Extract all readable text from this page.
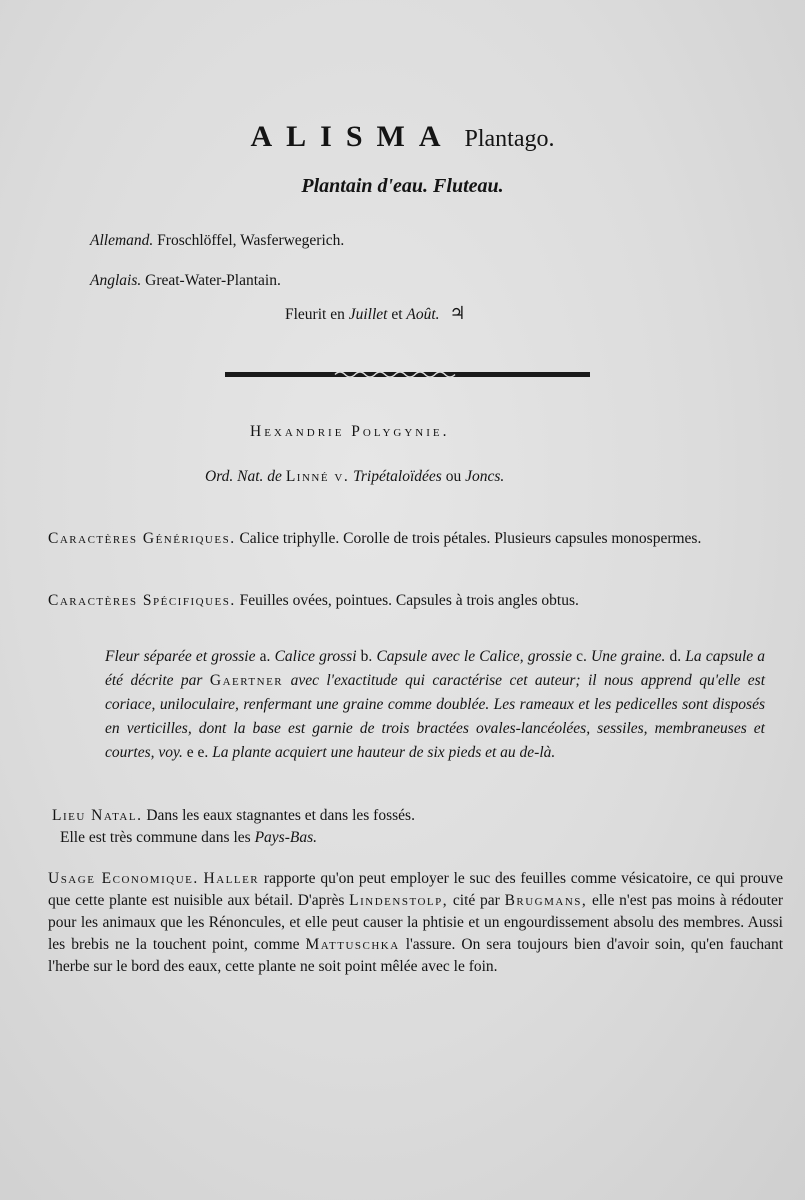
ALISMA Plantago.
Plantain d'eau. Fluteau.
Allemand. Froschlöffel, Wasferwegerich.
Anglais. Great-Water-Plantain.
Fleurit en Juillet et Août. ♃
Hexandrie Polygynie.
Ord. Nat. de Linné v. Tripétaloïdées ou Joncs.
Caractères Génériques. Calice triphylle. Corolle de trois pétales. Plusieurs capsules monospermes.
Caractères Spécifiques. Feuilles ovées, pointues. Capsules à trois angles obtus.
Fleur séparée et grossie a. Calice grossi b. Capsule avec le Calice, grossie c. Une graine. d. La capsule a été décrite par Gaertner avec l'exactitude qui caractérise cet auteur; il nous apprend qu'elle est coriace, uniloculaire, renfermant une graine comme doublée. Les rameaux et les pedicelles sont disposés en verticilles, dont la base est garnie de trois bractées ovales-lancéolées, sessiles, membraneuses et courtes, voy. e e. La plante acquiert une hauteur de six pieds et au de-là.
Lieu Natal. Dans les eaux stagnantes et dans les fossés.
Elle est très commune dans les Pays-Bas.
Usage Economique. Haller rapporte qu'on peut employer le suc des feuilles comme vésicatoire, ce qui prouve que cette plante est nuisible aux bétail. D'après Lindenstolp, cité par Brugmans, elle n'est pas moins à rédouter pour les animaux que les Rénoncules, et elle peut causer la phtisie et un engourdissement absolu des membres. Aussi les brebis ne la touchent point, comme Mattuschka l'assure. On sera toujours bien d'avoir soin, qu'en fauchant l'herbe sur le bord des eaux, cette plante ne soit point mêlée avec le foin.
